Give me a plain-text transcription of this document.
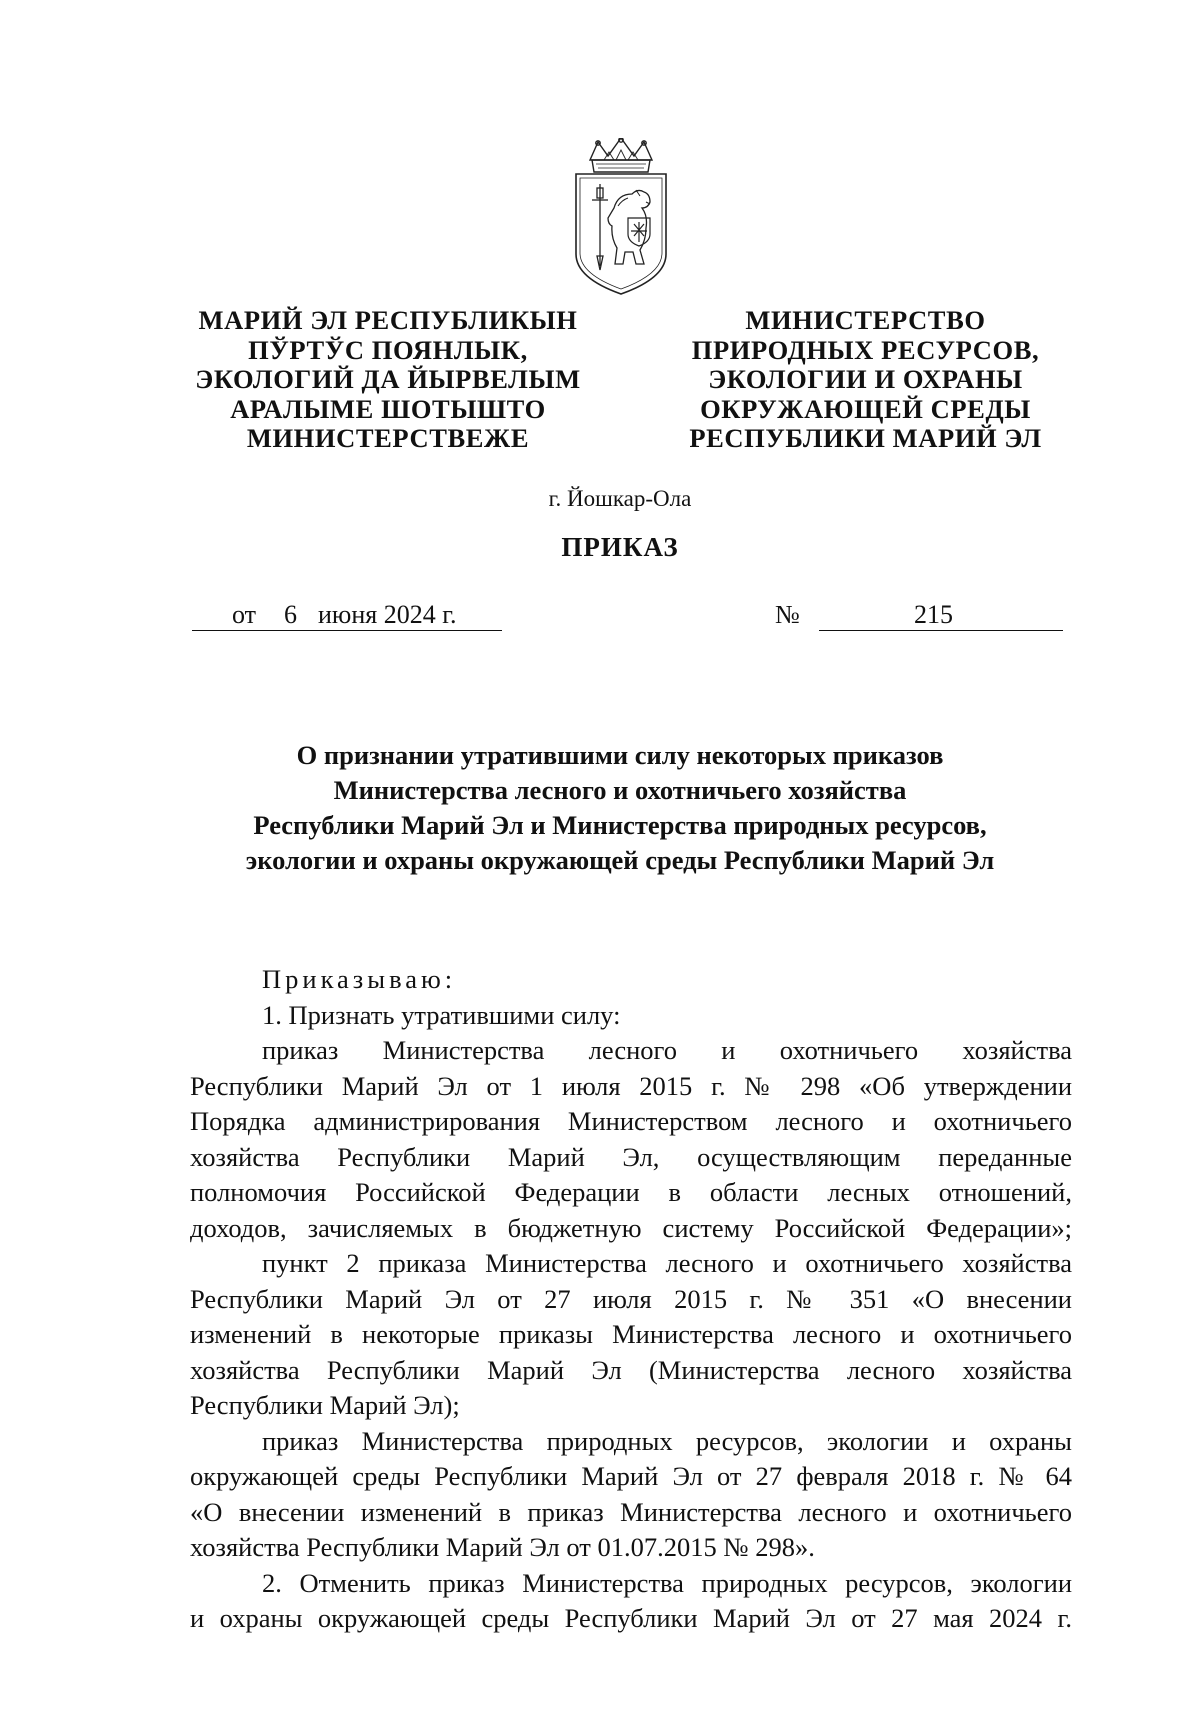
МАРИЙ ЭЛ РЕСПУБЛИКЫН
ПЎРТЎС ПОЯНЛЫК,
ЭКОЛОГИЙ ДА ЙЫРВЕЛЫМ
АРАЛЫМЕ ШОТЫШТО
МИНИСТЕРСТВЕЖЕ
МИНИСТЕРСТВО
ПРИРОДНЫХ РЕСУРСОВ,
ЭКОЛОГИИ И ОХРАНЫ
ОКРУЖАЮЩЕЙ СРЕДЫ
РЕСПУБЛИКИ МАРИЙ ЭЛ
г. Йошкар-Ола
ПРИКАЗ
от 6 июня 2024 г.	№	215
О признании утратившими силу некоторых приказов
Министерства лесного и охотничьего хозяйства
Республики Марий Эл и Министерства природных ресурсов,
экологии и охраны окружающей среды Республики Марий Эл
Приказываю:
1. Признать утратившими силу:
приказ Министерства лесного и охотничьего хозяйства
Республики Марий Эл от 1 июля 2015 г. № 298 «Об утверждении
Порядка администрирования Министерством лесного и охотничьего
хозяйства Республики Марий Эл, осуществляющим переданные
полномочия Российской Федерации в области лесных отношений,
доходов, зачисляемых в бюджетную систему Российской Федерации»;
пункт 2 приказа Министерства лесного и охотничьего хозяйства
Республики Марий Эл от 27 июля 2015 г. № 351 «О внесении
изменений в некоторые приказы Министерства лесного и охотничьего
хозяйства Республики Марий Эл (Министерства лесного хозяйства
Республики Марий Эл);
приказ Министерства природных ресурсов, экологии и охраны
окружающей среды Республики Марий Эл от 27 февраля 2018 г. № 64
«О внесении изменений в приказ Министерства лесного и охотничьего
хозяйства Республики Марий Эл от 01.07.2015 № 298».
2. Отменить приказ Министерства природных ресурсов, экологии
и охраны окружающей среды Республики Марий Эл от 27 мая 2024 г.
